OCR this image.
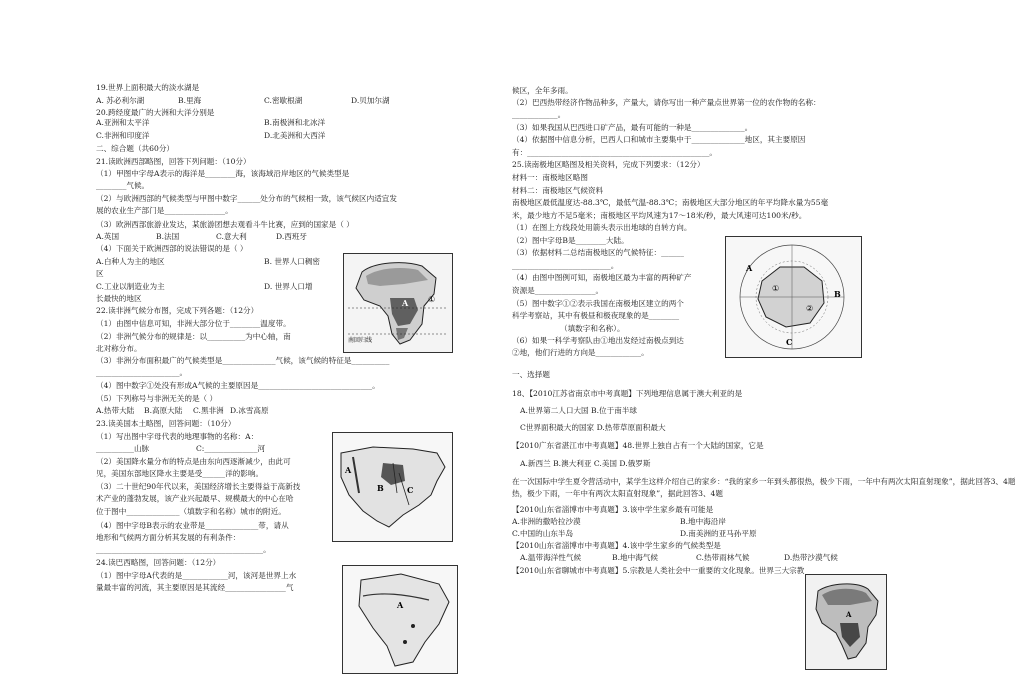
19.世界上面积最大的淡水湖是
A. 苏必利尔湖	B.里海	C.密歇根湖	D.贝加尔湖
20.跨经度最广的大洲和大洋分别是
A.亚洲和太平洋	B.南极洲和北冰洋
C.非洲和印度洋	D.北美洲和大西洋
二、综合题（共60分）
21.读欧洲西部略图，回答下列问题：（10分）
（1）甲图中字母A表示的海洋是________海，该海域沿岸地区的气候类型是
________气候。
（2）与欧洲西部的气候类型与甲图中数字______处分布的气候相一致，该气候区内适宜发
展的农业生产部门是________________。
（3）欧洲西部旅游业发达，某旅游团想去观看斗牛比赛，应到的国家是（ ）
A.英国	B.法国	C.意大利	D.西班牙
（4）下面关于欧洲西部的说法错误的是（ ）
A.白种人为主的地区	B. 世界人口稠密
区
C.工业以制造业为主	D. 世界人口增
长最快的地区
22.读非洲气候分布图，完成下列各题：（12分）
（1）由图中信息可知，非洲大部分位于________温度带。
（2）非洲气候分布的规律是：以__________为中心轴，南
北对称分布。
（3）非洲分布面积最广的气候类型是______________气候，该气候的特征是__________
______________________。
（4）图中数字①处没有形成A气候的主要原因是______________________________。
（5）下列称号与非洲无关的是（ ）
A.热带大陆 B.高原大陆 C.黑非洲 D.冰雪高原
23.读美国本土略图，回答问题：（10分）
（1）写出图中字母代表的地理事物的名称：A：
__________山脉	C:______________河
（2）美国降水量分布的特点是由东向西逐渐减少，由此可
见，美国东部地区降水主要是受______洋的影响。
（3）二十世纪90年代以来，美国经济增长主要得益于高新技
术产业的蓬勃发展，该产业兴起最早、规模最大的中心在哈
位于图中______________（填数字和名称）城市的附近。
（4）图中字母B表示的农业带是______________带，请从
地形和气候两方面分析其发展的有利条件：
____________________________________________。
24.读巴西略图，回答问题：（12分）
（1）图中字母A代表的是____________河，该河是世界上水
量最丰富的河流，其主要原因是其流经________________气
候区，全年多雨。
（2）巴西热带经济作物品种多，产量大，请你写出一种产量点世界第一位的农作物的名称：
____________。
（3）如果我国从巴西进口矿产品，最有可能的一种是______________。
（4）依据图中信息分析，巴西人口和城市主要集中于______________地区，其主要原因
有：________________________________________________。
25.读南极地区略图及相关资料，完成下列要求：（12分）
材料一：南极地区略图
材料二：南极地区气候资料
南极地区最低温度达-88.3℃，最低气温-88.3℃；南极地区大部分地区的年平均降水量为55毫
米，最少地方不足5毫米；南极地区平均风速为17～18米/秒，最大风速可达100米/秒。
（1）在图上方线段处用箭头表示出地球的自转方向。
（2）图中字母B是________大陆。
（3）依据材料二总结南极地区的气候特征：______
__________________________。
（4）由图中图例可知，南极地区最为丰富的两种矿产
资源是________________。
（5）图中数字①②表示我国在南极地区建立的两个
科学考察站，其中有极昼和极夜现象的是________
（填数字和名称）。
（6）如果一科学考察队由①地出发经过南极点到达
②地，他们行进的方向是____________。
一、选择题
18、【2010江苏省南京市中考真题】下列地理信息属于澳大利亚的是
A.世界第二人口大国 B.位于南半球
C世界面积最大的国家 D.热带草原面积最大
【2010广东省湛江市中考真题】48.世界上独自占有一个大陆的国家，它是
A.新西兰 B.澳大利亚 C.美国 D.俄罗斯
在一次国际中学生夏令营活动中，某学生这样介绍自己的家乡：“我的家乡一年到头都很热，极少下雨，一年中有两次太阳直射现象”，据此回答3、4题
热，极少下雨，一年中有两次太阳直射现象”，据此回答3、4题
【2010山东省淄博市中考真题】3.该中学生家乡最有可能是
A.非洲的撒哈拉沙漠	B.地中海沿岸
C.中国的山东半岛	D.南美洲的亚马孙平原
【2010山东省淄博市中考真题】4.该中学生家乡的气候类型是
A.温带海洋性气候	B.地中海气候	C.热带雨林气候	D.热带沙漠气候
【2010山东省聊城市中考真题】5.宗教是人类社会中一重要的文化现象。世界三大宗教
南回归线
A ①
A
B	C
A
A
B
C
①
②
A
